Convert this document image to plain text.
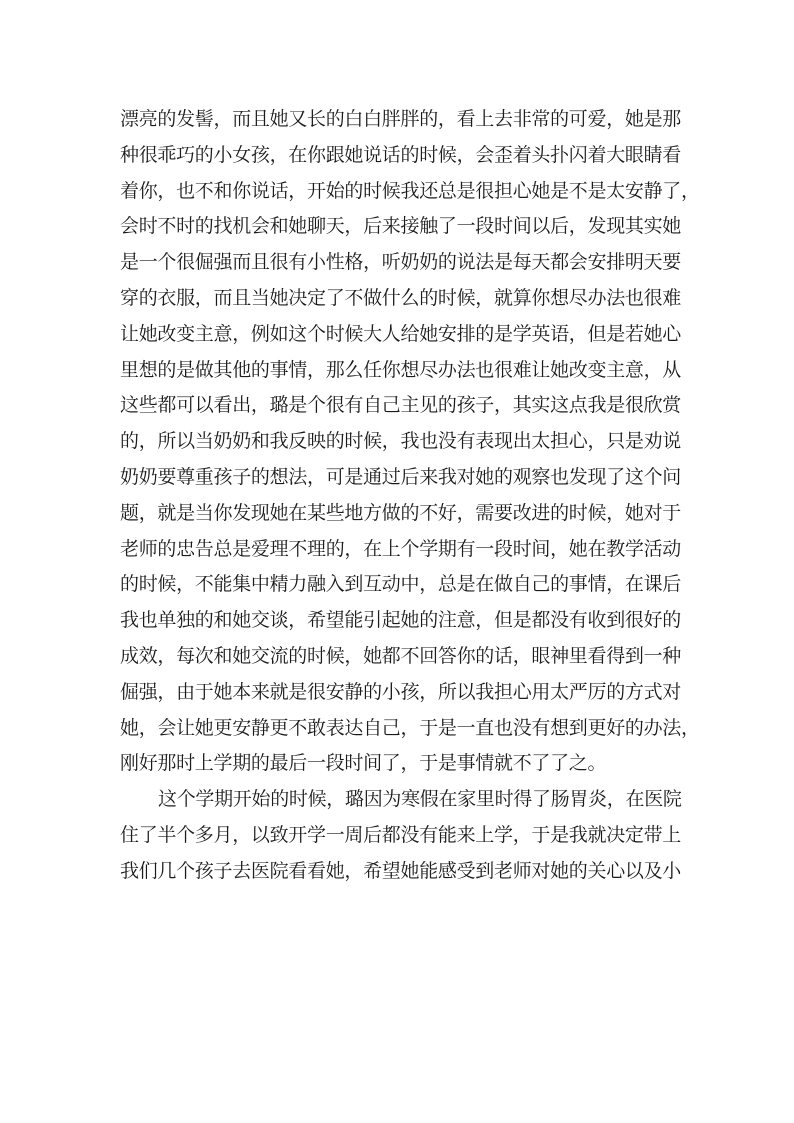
漂亮的发髻，而且她又长的白白胖胖的，看上去非常的可爱，她是那
种很乖巧的小女孩，在你跟她说话的时候，会歪着头扑闪着大眼睛看
着你，也不和你说话，开始的时候我还总是很担心她是不是太安静了，
会时不时的找机会和她聊天，后来接触了一段时间以后，发现其实她
是一个很倔强而且很有小性格，听奶奶的说法是每天都会安排明天要
穿的衣服，而且当她决定了不做什么的时候，就算你想尽办法也很难
让她改变主意，例如这个时候大人给她安排的是学英语，但是若她心
里想的是做其他的事情，那么任你想尽办法也很难让她改变主意，从
这些都可以看出，璐是个很有自己主见的孩子，其实这点我是很欣赏
的，所以当奶奶和我反映的时候，我也没有表现出太担心，只是劝说
奶奶要尊重孩子的想法，可是通过后来我对她的观察也发现了这个问
题，就是当你发现她在某些地方做的不好，需要改进的时候，她对于
老师的忠告总是爱理不理的，在上个学期有一段时间，她在教学活动
的时候，不能集中精力融入到互动中，总是在做自己的事情，在课后
我也单独的和她交谈，希望能引起她的注意，但是都没有收到很好的
成效，每次和她交流的时候，她都不回答你的话，眼神里看得到一种
倔强，由于她本来就是很安静的小孩，所以我担心用太严厉的方式对
她，会让她更安静更不敢表达自己，于是一直也没有想到更好的办法，
刚好那时上学期的最后一段时间了，于是事情就不了了之。
这个学期开始的时候，璐因为寒假在家里时得了肠胃炎，在医院
住了半个多月，以致开学一周后都没有能来上学，于是我就决定带上
我们几个孩子去医院看看她，希望她能感受到老师对她的关心以及小
